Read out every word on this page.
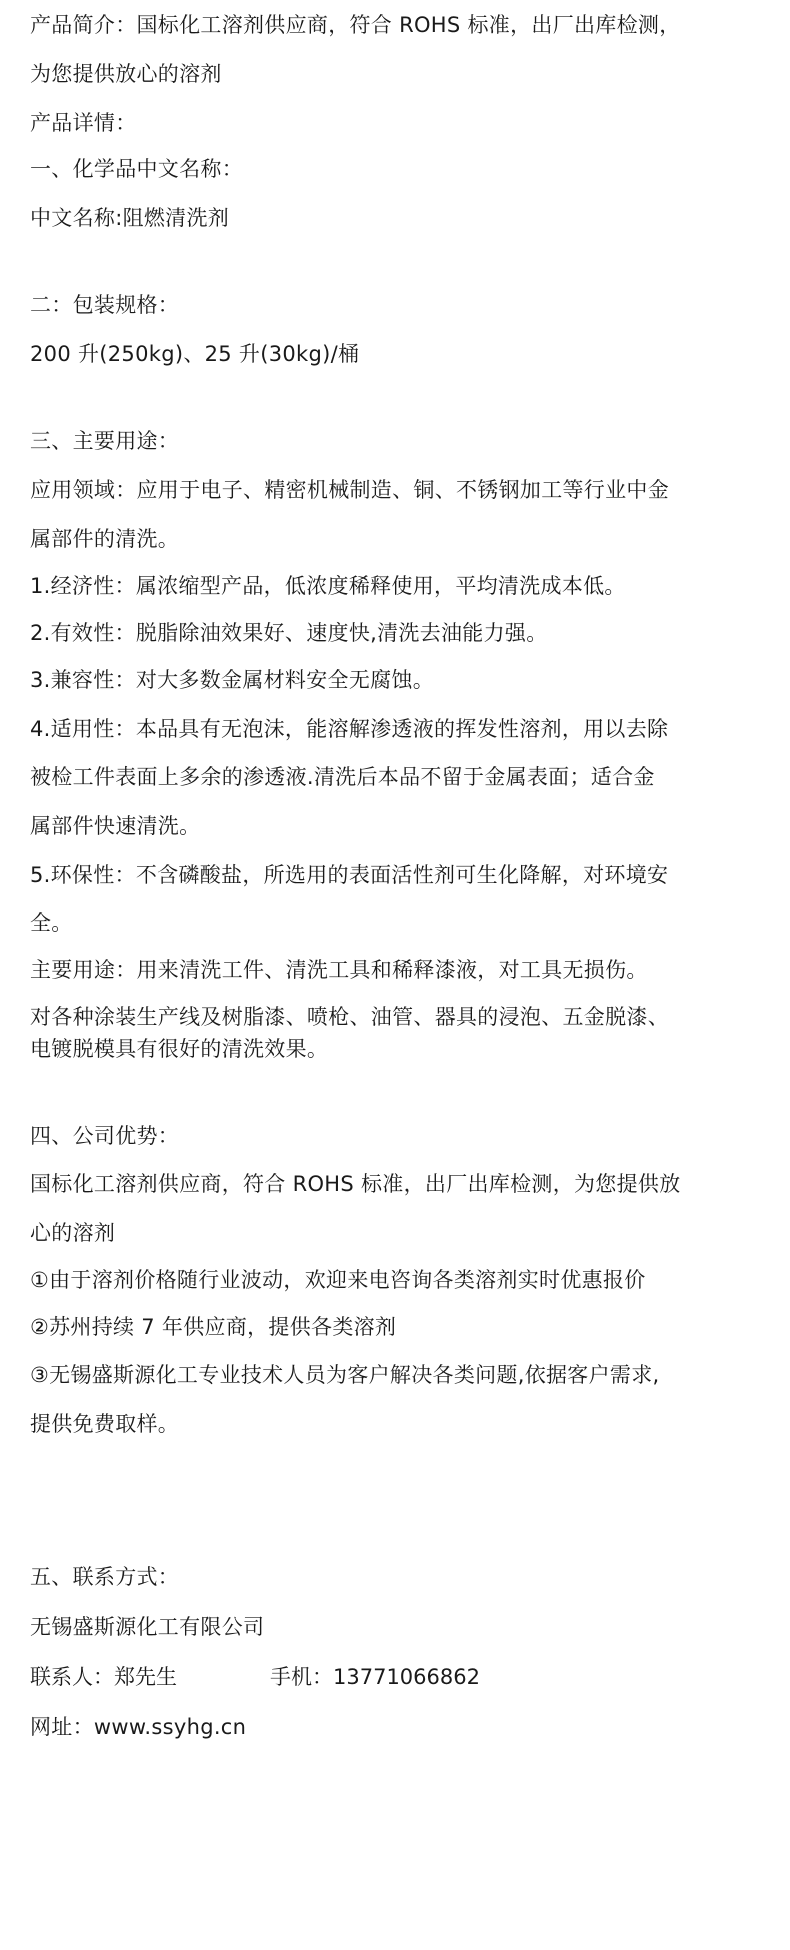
产品简介：国标化工溶剂供应商，符合 ROHS 标准，出厂出库检测，
为您提供放心的溶剂
产品详情：
一、化学品中文名称：
中文名称:阻燃清洗剂
二：包装规格：
200 升(250kg)、25 升(30kg)/桶
三、主要用途：
应用领域：应用于电子、精密机械制造、铜、不锈钢加工等行业中金
属部件的清洗。
1.经济性：属浓缩型产品，低浓度稀释使用，平均清洗成本低。
2.有效性：脱脂除油效果好、速度快,清洗去油能力强。
3.兼容性：对大多数金属材料安全无腐蚀。
4.适用性：本品具有无泡沫，能溶解渗透液的挥发性溶剂，用以去除
被检工件表面上多余的渗透液.清洗后本品不留于金属表面；适合金
属部件快速清洗。
5.环保性：不含磷酸盐，所选用的表面活性剂可生化降解，对环境安
全。
主要用途：用来清洗工件、清洗工具和稀释漆液，对工具无损伤。
对各种涂装生产线及树脂漆、喷枪、油管、器具的浸泡、五金脱漆、
电镀脱模具有很好的清洗效果。
四、公司优势：
国标化工溶剂供应商，符合 ROHS 标准，出厂出库检测，为您提供放
心的溶剂
①由于溶剂价格随行业波动，欢迎来电咨询各类溶剂实时优惠报价
②苏州持续 7 年供应商，提供各类溶剂
③无锡盛斯源化工专业技术人员为客户解决各类问题,依据客户需求,
提供免费取样。
五、联系方式：
无锡盛斯源化工有限公司
联系人：郑先生	手机：13771066862
网址：www.ssyhg.cn
